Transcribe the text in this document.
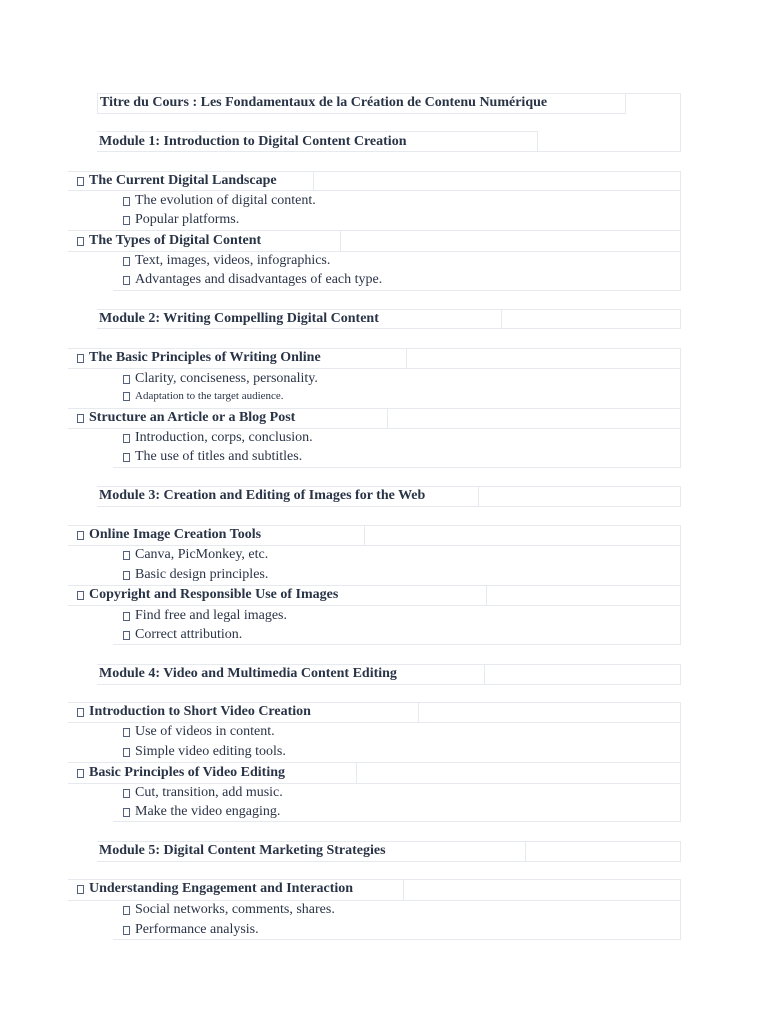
Titre du Cours : Les Fondamentaux de la Création de Contenu Numérique
Module 1: Introduction to Digital Content Creation
The Current Digital Landscape
The evolution of digital content.
Popular platforms.
The Types of Digital Content
Text, images, videos, infographics.
Advantages and disadvantages of each type.
Module 2: Writing Compelling Digital Content
The Basic Principles of Writing Online
Clarity, conciseness, personality.
Adaptation to the target audience.
Structure an Article or a Blog Post
Introduction, corps, conclusion.
The use of titles and subtitles.
Module 3: Creation and Editing of Images for the Web
Online Image Creation Tools
Canva, PicMonkey, etc.
Basic design principles.
Copyright and Responsible Use of Images
Find free and legal images.
Correct attribution.
Module 4: Video and Multimedia Content Editing
Introduction to Short Video Creation
Use of videos in content.
Simple video editing tools.
Basic Principles of Video Editing
Cut, transition, add music.
Make the video engaging.
Module 5: Digital Content Marketing Strategies
Understanding Engagement and Interaction
Social networks, comments, shares.
Performance analysis.
